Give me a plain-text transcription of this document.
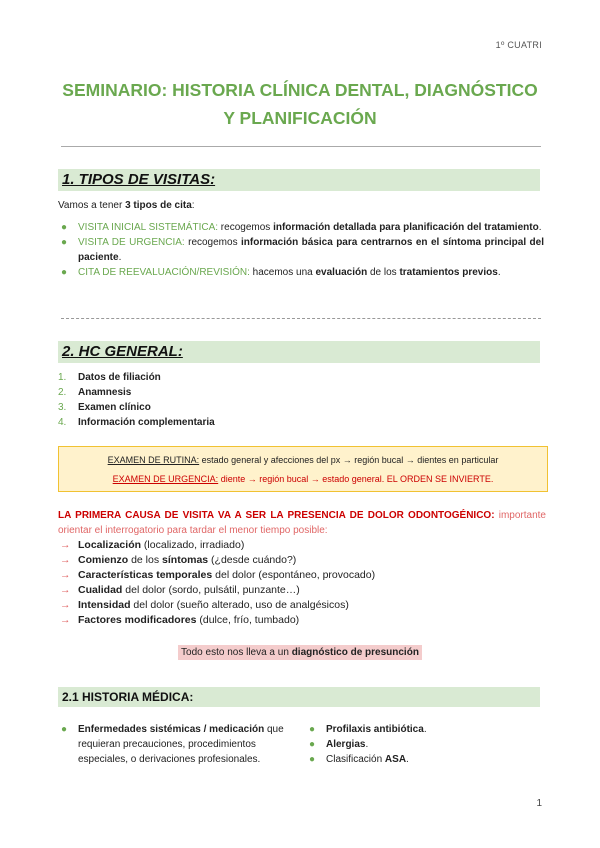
1º CUATRI
SEMINARIO: HISTORIA CLÍNICA DENTAL, DIAGNÓSTICO
Y PLANIFICACIÓN
1. TIPOS DE VISITAS:
Vamos a tener 3 tipos de cita:
● VISITA INICIAL SISTEMÁTICA: recogemos información detallada para planificación del tratamiento.
● VISITA DE URGENCIA: recogemos información básica para centrarnos en el síntoma principal del paciente.
● CITA DE REEVALUACIÓN/REVISIÓN: hacemos una evaluación de los tratamientos previos.
2. HC GENERAL:
1. Datos de filiación
2. Anamnesis
3. Examen clínico
4. Información complementaria
EXAMEN DE RUTINA: estado general y afecciones del px → región bucal → dientes en particular
EXAMEN DE URGENCIA: diente → región bucal → estado general. EL ORDEN SE INVIERTE.
LA PRIMERA CAUSA DE VISITA VA A SER LA PRESENCIA DE DOLOR ODONTOGÉNICO: importante orientar el interrogatorio para tardar el menor tiempo posible:
→ Localización (localizado, irradiado)
→ Comienzo de los síntomas (¿desde cuándo?)
→ Características temporales del dolor (espontáneo, provocado)
→ Cualidad del dolor (sordo, pulsátil, punzante…)
→ Intensidad del dolor (sueño alterado, uso de analgésicos)
→ Factores modificadores (dulce, frío, tumbado)
Todo esto nos lleva a un diagnóstico de presunción
2.1 HISTORIA MÉDICA:
● Enfermedades sistémicas / medicación que requieran precauciones, procedimientos especiales, o derivaciones profesionales.
● Profilaxis antibiótica.
● Alergias.
● Clasificación ASA.
1
